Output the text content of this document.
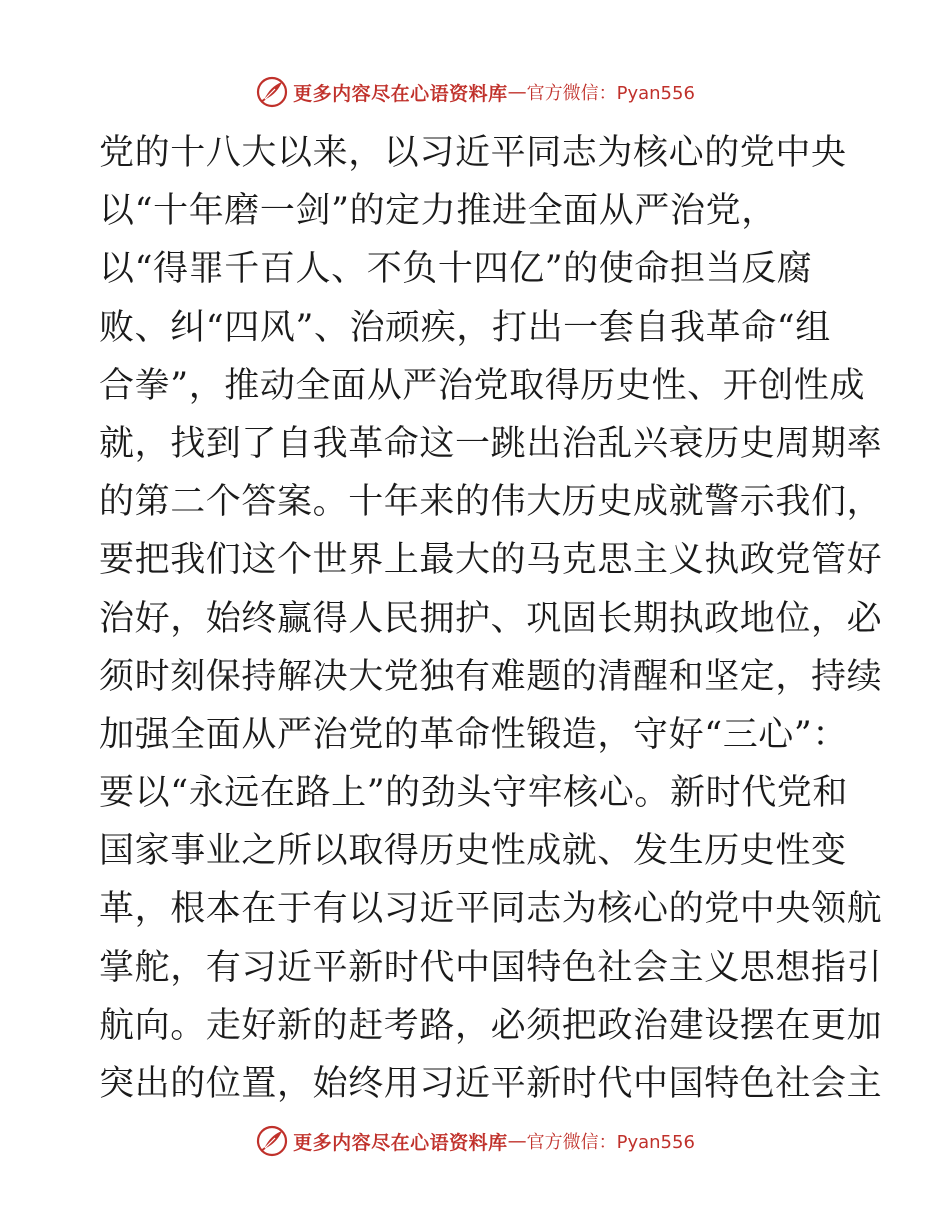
更多内容尽在心语资料库 — 官方微信：Pyan556
党的十八大以来，以习近平同志为核心的党中央
以“十年磨一剑”的定力推进全面从严治党，
以“得罪千百人、不负十四亿”的使命担当反腐
败、纠“四风”、治顽疾，打出一套自我革命“组
合拳”，推动全面从严治党取得历史性、开创性成
就，找到了自我革命这一跳出治乱兴衰历史周期率
的第二个答案。十年来的伟大历史成就警示我们，
要把我们这个世界上最大的马克思主义执政党管好
治好，始终赢得人民拥护、巩固长期执政地位，必
须时刻保持解决大党独有难题的清醒和坚定，持续
加强全面从严治党的革命性锻造，守好“三心”：
要以“永远在路上”的劲头守牢核心。新时代党和
国家事业之所以取得历史性成就、发生历史性变
革，根本在于有以习近平同志为核心的党中央领航
掌舵，有习近平新时代中国特色社会主义思想指引
航向。走好新的赶考路，必须把政治建设摆在更加
突出的位置，始终用习近平新时代中国特色社会主
更多内容尽在心语资料库 — 官方微信：Pyan556
